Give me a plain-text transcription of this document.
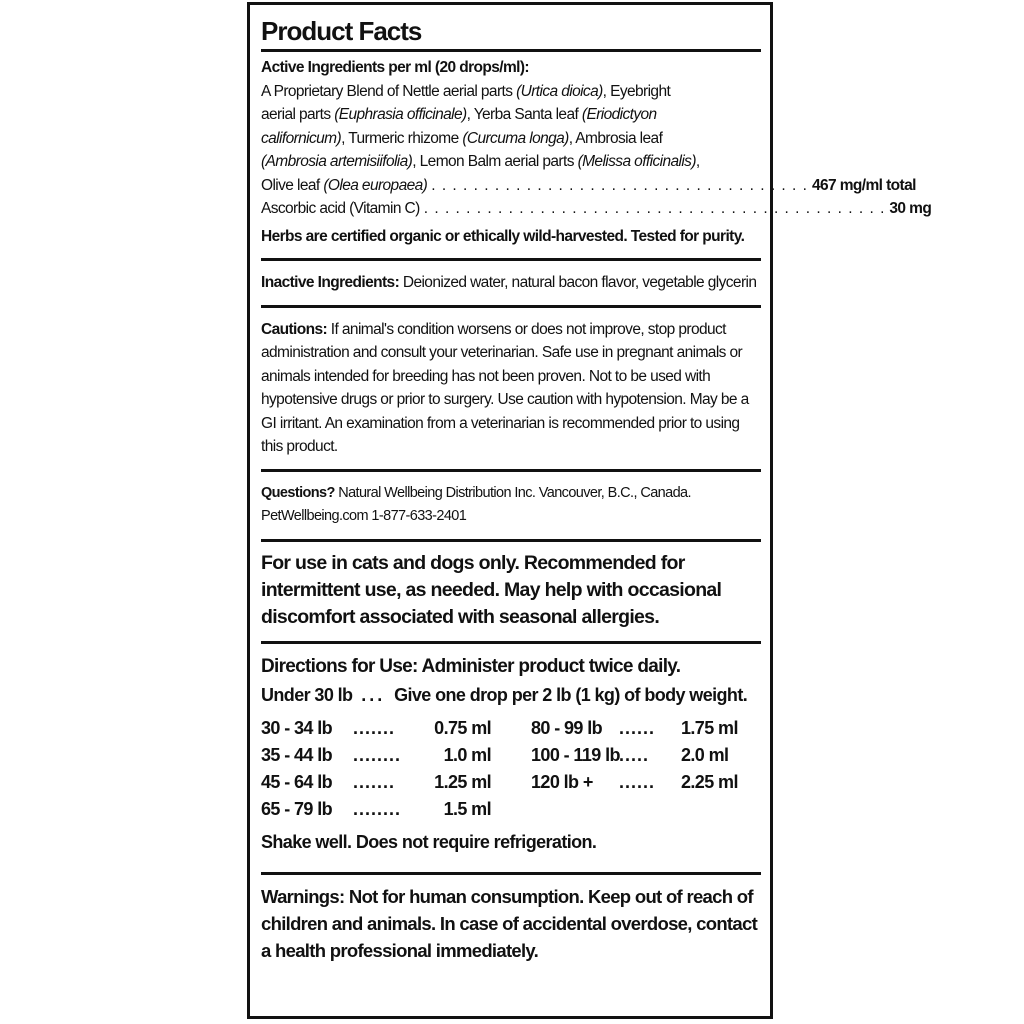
Product Facts
Active Ingredients per ml (20 drops/ml):
A Proprietary Blend of Nettle aerial parts (Urtica dioica), Eyebright
aerial parts (Euphrasia officinale), Yerba Santa leaf (Eriodictyon
californicum), Turmeric rhizome (Curcuma longa), Ambrosia leaf
(Ambrosia artemisiifolia), Lemon Balm aerial parts (Melissa officinalis),
Olive leaf (Olea europaea) . . . . . . . . . . . . . . . . . . . . . . . . . . . . . . . . . . . . 467 mg/ml total
Ascorbic acid (Vitamin C) . . . . . . . . . . . . . . . . . . . . . . . . . . . . . . . . . . . . . . . . . . . . 30 mg
Herbs are certified organic or ethically wild-harvested. Tested for purity.
Inactive Ingredients: Deionized water, natural bacon flavor, vegetable glycerin
Cautions: If animal's condition worsens or does not improve, stop product administration and consult your veterinarian. Safe use in pregnant animals or animals intended for breeding has not been proven. Not to be used with hypotensive drugs or prior to surgery. Use caution with hypotension. May be a GI irritant. An examination from a veterinarian is recommended prior to using this product.
Questions? Natural Wellbeing Distribution Inc. Vancouver, B.C., Canada.
PetWellbeing.com 1-877-633-2401
For use in cats and dogs only. Recommended for intermittent use, as needed. May help with occasional discomfort associated with seasonal allergies.
Directions for Use: Administer product twice daily.
Under 30 lb ... Give one drop per 2 lb (1 kg) of body weight.
30 - 34 lb	.......	0.75 ml
35 - 44 lb	........	1.0 ml
45 - 64 lb	.......	1.25 ml
65 - 79 lb	........	1.5 ml
80 - 99 lb ......	1.75 ml
100 - 119 lb .....	2.0 ml
120 lb +	......	2.25 ml
Shake well. Does not require refrigeration.
Warnings: Not for human consumption. Keep out of reach of children and animals. In case of accidental overdose, contact a health professional immediately.
